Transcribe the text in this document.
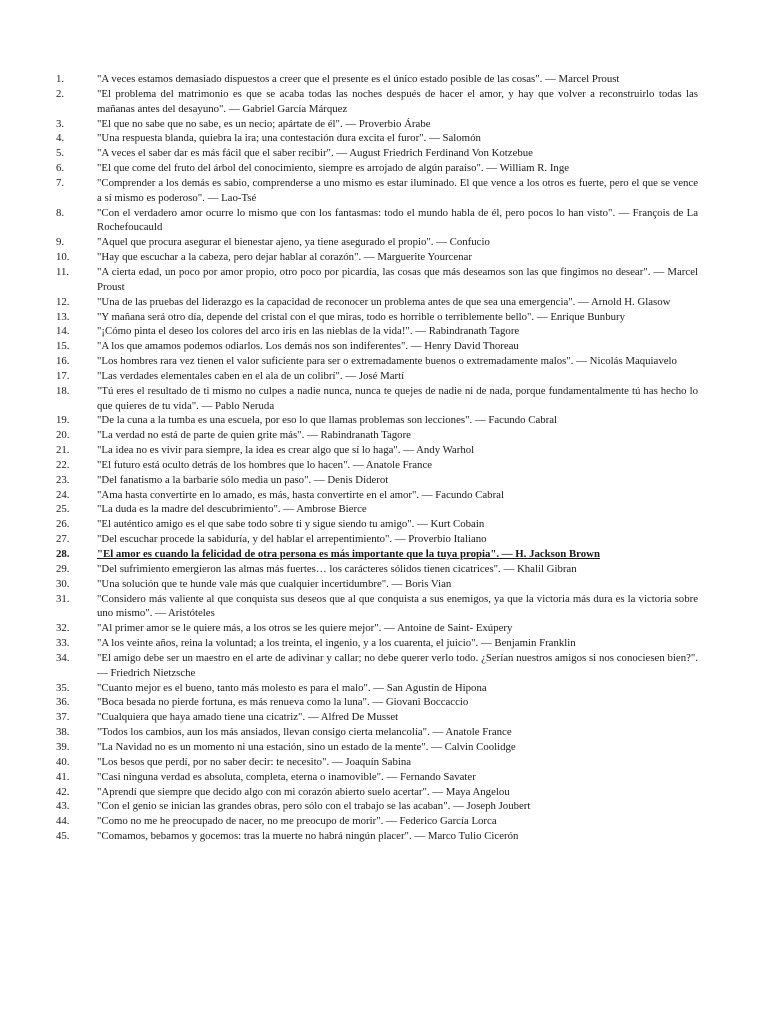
1.	"A veces estamos demasiado dispuestos a creer que el presente es el único estado posible de las cosas". — Marcel Proust
2.	"El problema del matrimonio es que se acaba todas las noches después de hacer el amor, y hay que volver a reconstruirlo todas las mañanas antes del desayuno". — Gabriel García Márquez
3.	"El que no sabe que no sabe, es un necio; apártate de él". — Proverbio Árabe
4.	"Una respuesta blanda, quiebra la ira; una contestación dura excita el furor". — Salomón
5.	"A veces el saber dar es más fácil que el saber recibir". — August Friedrich Ferdinand Von Kotzebue
6.	"El que come del fruto del árbol del conocimiento, siempre es arrojado de algún paraíso". — William R. Inge
7.	"Comprender a los demás es sabio, comprenderse a uno mismo es estar iluminado. El que vence a los otros es fuerte, pero el que se vence a sí mismo es poderoso". — Lao-Tsé
8.	"Con el verdadero amor ocurre lo mismo que con los fantasmas: todo el mundo habla de él, pero pocos lo han visto". — François de La Rochefoucauld
9.	"Aquel que procura asegurar el bienestar ajeno, ya tiene asegurado el propio". — Confucio
10.	"Hay que escuchar a la cabeza, pero dejar hablar al corazón". — Marguerite Yourcenar
11.	"A cierta edad, un poco por amor propio, otro poco por picardía, las cosas que más deseamos son las que fingimos no desear". — Marcel Proust
12.	"Una de las pruebas del liderazgo es la capacidad de reconocer un problema antes de que sea una emergencia". — Arnold H. Glasow
13.	"Y mañana será otro día, depende del cristal con el que miras, todo es horrible o terriblemente bello". — Enrique Bunbury
14.	"¡Cómo pinta el deseo los colores del arco iris en las nieblas de la vida!". — Rabindranath Tagore
15.	"A los que amamos podemos odiarlos. Los demás nos son indiferentes". — Henry David Thoreau
16.	"Los hombres rara vez tienen el valor suficiente para ser o extremadamente buenos o extremadamente malos". — Nicolás Maquiavelo
17.	"Las verdades elementales caben en el ala de un colibrí". — José Martí
18.	"Tú eres el resultado de ti mismo no culpes a nadie nunca, nunca te quejes de nadie ni de nada, porque fundamentalmente tú has hecho lo que quieres de tu vida". — Pablo Neruda
19.	"De la cuna a la tumba es una escuela, por eso lo que llamas problemas son lecciones". — Facundo Cabral
20.	"La verdad no está de parte de quien grite más". — Rabindranath Tagore
21.	"La idea no es vivir para siempre, la idea es crear algo que sí lo haga". — Andy Warhol
22.	"El futuro está oculto detrás de los hombres que lo hacen". — Anatole France
23.	"Del fanatismo a la barbarie sólo media un paso". — Denis Diderot
24.	"Ama hasta convertirte en lo amado, es más, hasta convertirte en el amor". — Facundo Cabral
25.	"La duda es la madre del descubrimiento". — Ambrose Bierce
26.	"El auténtico amigo es el que sabe todo sobre ti y sigue siendo tu amigo". — Kurt Cobain
27.	"Del escuchar procede la sabiduría, y del hablar el arrepentimiento". — Proverbio Italiano
28.	"El amor es cuando la felicidad de otra persona es más importante que la tuya propia". — H. Jackson Brown
29.	"Del sufrimiento emergieron las almas más fuertes… los carácteres sólidos tienen cicatrices". — Khalil Gibran
30.	"Una solución que te hunde vale más que cualquier incertidumbre". — Boris Vian
31.	"Considero más valiente al que conquista sus deseos que al que conquista a sus enemigos, ya que la victoria más dura es la victoria sobre uno mismo". — Aristóteles
32.	"Al primer amor se le quiere más, a los otros se les quiere mejor". — Antoine de Saint- Exúpery
33.	"A los veinte años, reina la voluntad; a los treinta, el ingenio, y a los cuarenta, el juicio". — Benjamin Franklin
34.	"El amigo debe ser un maestro en el arte de adivinar y callar; no debe querer verlo todo. ¿Serían nuestros amigos si nos conociesen bien?". — Friedrich Nietzsche
35.	"Cuanto mejor es el bueno, tanto más molesto es para el malo". — San Agustín de Hipona
36.	"Boca besada no pierde fortuna, es más renueva como la luna". — Giovani Boccaccio
37.	"Cualquiera que haya amado tiene una cicatriz". — Alfred De Musset
38.	"Todos los cambios, aun los más ansiados, llevan consigo cierta melancolía". — Anatole France
39.	"La Navidad no es un momento ni una estación, sino un estado de la mente". — Calvin Coolidge
40.	"Los besos que perdí, por no saber decir: te necesito". — Joaquín Sabina
41.	"Casi ninguna verdad es absoluta, completa, eterna o inamovible". — Fernando Savater
42.	"Aprendí que siempre que decido algo con mi corazón abierto suelo acertar". — Maya Angelou
43.	"Con el genio se inician las grandes obras, pero sólo con el trabajo se las acaban". — Joseph Joubert
44.	"Como no me he preocupado de nacer, no me preocupo de morir". — Federico García Lorca
45.	"Comamos, bebamos y gocemos: tras la muerte no habrá ningún placer". — Marco Tulio Cicerón
